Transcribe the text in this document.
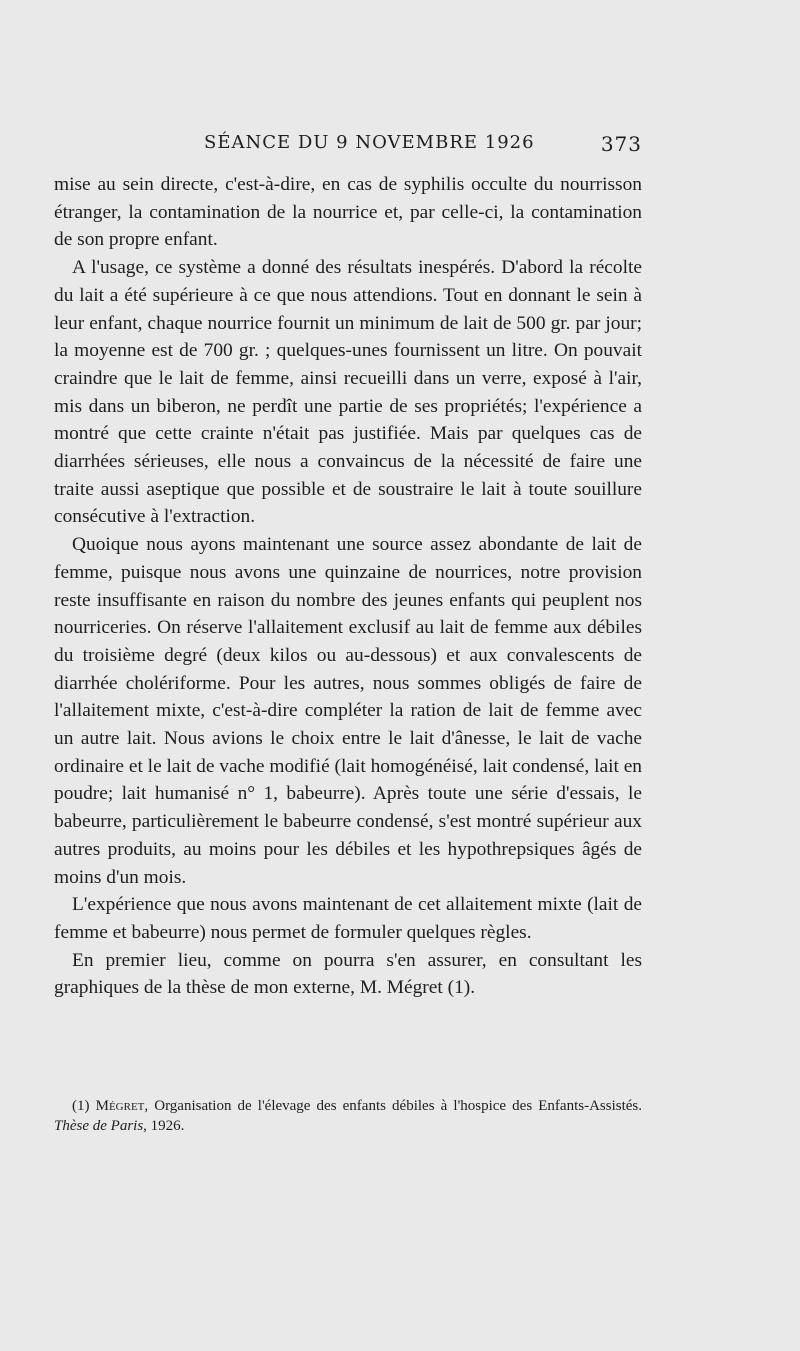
SÉANCE DU 9 NOVEMBRE 1926	373

mise au sein directe, c'est-à-dire, en cas de syphilis occulte du nourrisson étranger, la contamination de la nourrice et, par celle-ci, la contamination de son propre enfant.

A l'usage, ce système a donné des résultats inespérés. D'abord la récolte du lait a été supérieure à ce que nous attendions. Tout en donnant le sein à leur enfant, chaque nourrice fournit un minimum de lait de 500 gr. par jour; la moyenne est de 700 gr. ; quelques-unes fournissent un litre. On pouvait craindre que le lait de femme, ainsi recueilli dans un verre, exposé à l'air, mis dans un biberon, ne perdît une partie de ses propriétés; l'expérience a montré que cette crainte n'était pas justifiée. Mais par quelques cas de diarrhées sérieuses, elle nous a convaincus de la nécessité de faire une traite aussi aseptique que possible et de soustraire le lait à toute souillure consécutive à l'extraction.

Quoique nous ayons maintenant une source assez abondante de lait de femme, puisque nous avons une quinzaine de nourrices, notre provision reste insuffisante en raison du nombre des jeunes enfants qui peuplent nos nourriceries. On réserve l'allaitement exclusif au lait de femme aux débiles du troisième degré (deux kilos ou au-dessous) et aux convalescents de diarrhée cholériforme. Pour les autres, nous sommes obligés de faire de l'allaitement mixte, c'est-à-dire compléter la ration de lait de femme avec un autre lait. Nous avions le choix entre le lait d'ânesse, le lait de vache ordinaire et le lait de vache modifié (lait homogénéisé, lait condensé, lait en poudre; lait humanisé n° 1, babeurre). Après toute une série d'essais, le babeurre, particulièrement le babeurre condensé, s'est montré supérieur aux autres produits, au moins pour les débiles et les hypothrepsiques âgés de moins d'un mois.

L'expérience que nous avons maintenant de cet allaitement mixte (lait de femme et babeurre) nous permet de formuler quelques règles.

En premier lieu, comme on pourra s'en assurer, en consultant les graphiques de la thèse de mon externe, M. Mégret (1).

(1) Mégret, Organisation de l'élevage des enfants débiles à l'hospice des Enfants-Assistés. Thèse de Paris, 1926.
